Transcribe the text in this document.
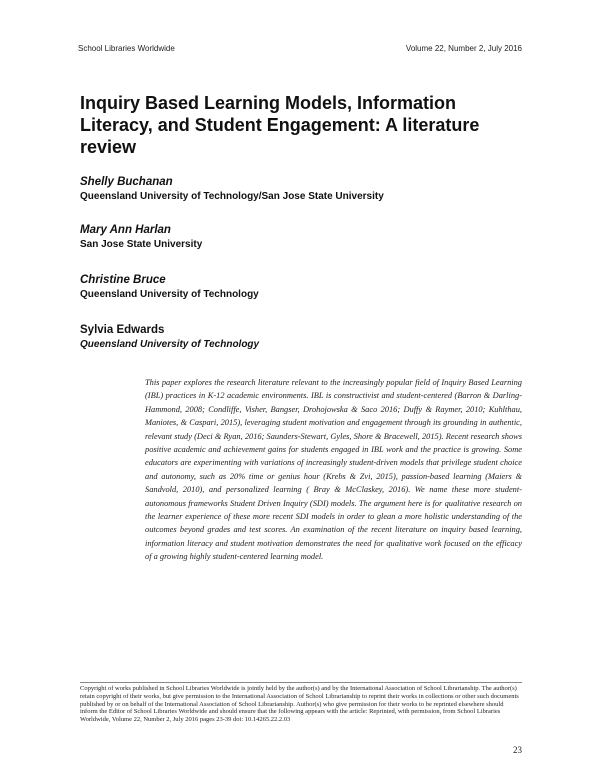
School Libraries Worldwide	Volume 22, Number 2, July 2016
Inquiry Based Learning Models, Information Literacy, and Student Engagement: A literature review
Shelly Buchanan
Queensland University of Technology/San Jose State University
Mary Ann Harlan
San Jose State University
Christine Bruce
Queensland University of Technology
Sylvia Edwards
Queensland University of Technology

This paper explores the research literature relevant to the increasingly popular field of Inquiry Based Learning (IBL) practices in K-12 academic environments. IBL is constructivist and student-centered (Barron & Darling-Hammond, 2008; Condliffe, Visher, Bangser, Drohojowska & Saco 2016; Duffy & Raymer, 2010; Kuhlthau, Maniotes, & Caspari, 2015), leveraging student motivation and engagement through its grounding in authentic, relevant study (Deci & Ryan, 2016; Saunders-Stewart, Gyles, Shore & Bracewell, 2015). Recent research shows positive academic and achievement gains for students engaged in IBL work and the practice is growing. Some educators are experimenting with variations of increasingly student-driven models that privilege student choice and autonomy, such as 20% time or genius hour (Krebs & Zvi, 2015), passion-based learning (Maiers & Sandvold, 2010), and personalized learning ( Bray & McClaskey, 2016). We name these more student-autonomous frameworks Student Driven Inquiry (SDI) models. The argument here is for qualitative research on the learner experience of these more recent SDI models in order to glean a more holistic understanding of the outcomes beyond grades and test scores. An examination of the recent literature on inquiry based learning, information literacy and student motivation demonstrates the need for qualitative work focused on the efficacy of a growing highly student-centered learning model.

Copyright of works published in School Libraries Worldwide is jointly held by the author(s) and by the International Association of School Librarianship. The author(s) retain copyright of their works, but give permission to the International Association of School Librarianship to reprint their works in collections or other such documents published by or on behalf of the International Association of School Librarianship. Author(s) who give permission for their works to be reprinted elsewhere should inform the Editor of School Libraries Worldwide and should ensure that the following appears with the article: Reprinted, with permission, from School Libraries Worldwide, Volume 22, Number 2, July 2016 pages 23-39 doi: 10.14265.22.2.03

23
